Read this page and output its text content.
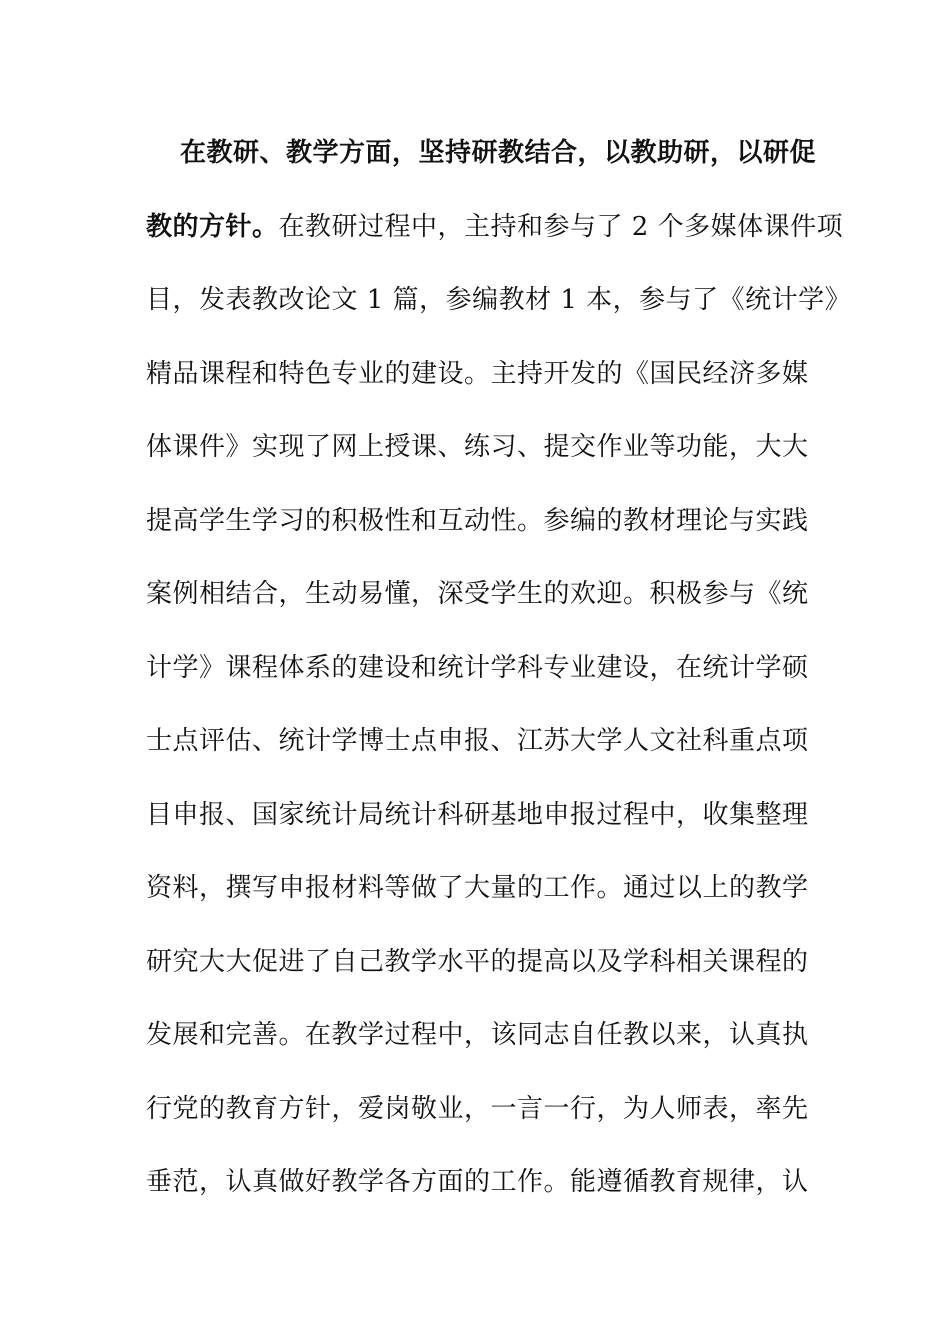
在教研、教学方面，坚持研教结合，以教助研，以研促
教的方针。在教研过程中，主持和参与了 2 个多媒体课件项
目，发表教改论文 1 篇，参编教材 1 本，参与了《统计学》
精品课程和特色专业的建设。主持开发的《国民经济多媒
体课件》实现了网上授课、练习、提交作业等功能，大大
提高学生学习的积极性和互动性。参编的教材理论与实践
案例相结合，生动易懂，深受学生的欢迎。积极参与《统
计学》课程体系的建设和统计学科专业建设，在统计学硕
士点评估、统计学博士点申报、江苏大学人文社科重点项
目申报、国家统计局统计科研基地申报过程中，收集整理
资料，撰写申报材料等做了大量的工作。通过以上的教学
研究大大促进了自己教学水平的提高以及学科相关课程的
发展和完善。在教学过程中，该同志自任教以来，认真执
行党的教育方针，爱岗敬业，一言一行，为人师表，率先
垂范，认真做好教学各方面的工作。能遵循教育规律，认
